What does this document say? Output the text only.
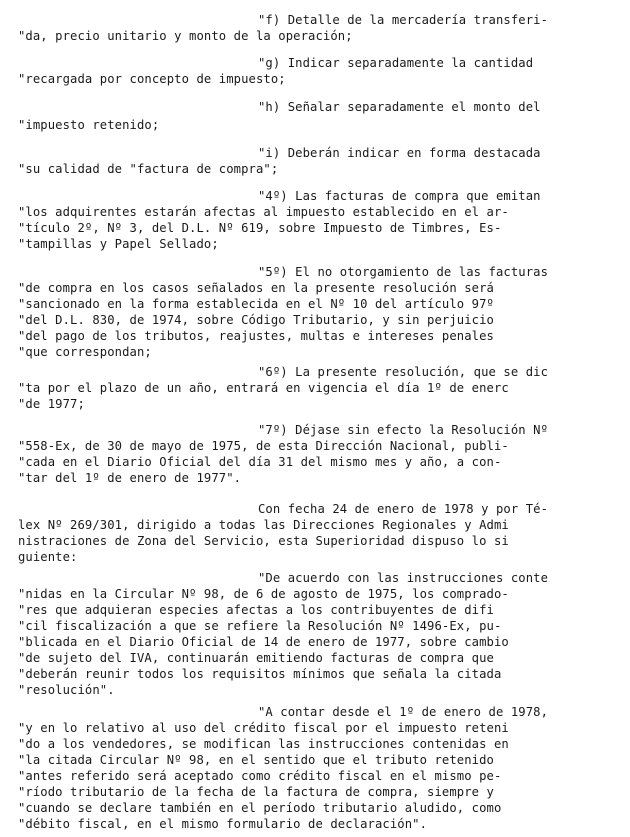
"f) Detalle de la mercadería transferi-
"da, precio unitario y monto de la operación;
"g) Indicar separadamente la cantidad
"recargada por concepto de impuesto;
"h) Señalar separadamente el monto del
"impuesto retenido;
"i) Deberán indicar en forma destacada
"su calidad de "factura de compra";
"4º) Las facturas de compra que emitan
"los adquirentes estarán afectas al impuesto establecido en el ar-
"tículo 2º, Nº 3, del D.L. Nº 619, sobre Impuesto de Timbres, Es-
"tampillas y Papel Sellado;
"5º) El no otorgamiento de las facturas
"de compra en los casos señalados en la presente resolución será
"sancionado en la forma establecida en el Nº 10 del artículo 97º
"del D.L. 830, de 1974, sobre Código Tributario, y sin perjuicio
"del pago de los tributos, reajustes, multas e intereses penales
"que correspondan;
"6º) La presente resolución, que se dic
"ta por el plazo de un año, entrará en vigencia el día 1º de enerc
"de 1977;
"7º) Déjase sin efecto la Resolución Nº
"558-Ex, de 30 de mayo de 1975, de esta Dirección Nacional, publi-
"cada en el Diario Oficial del día 31 del mismo mes y año, a con-
"tar del 1º de enero de 1977".
Con fecha 24 de enero de 1978 y por Té-
lex Nº 269/301, dirigido a todas las Direcciones Regionales y Admi
nistraciones de Zona del Servicio, esta Superioridad dispuso lo si
guiente:
"De acuerdo con las instrucciones conte
"nidas en la Circular Nº 98, de 6 de agosto de 1975, los comprado-
"res que adquieran especies afectas a los contribuyentes de difi
"cil fiscalización a que se refiere la Resolución Nº 1496-Ex, pu-
"blicada en el Diario Oficial de 14 de enero de 1977, sobre cambio
"de sujeto del IVA, continuarán emitiendo facturas de compra que
"deberán reunir todos los requisitos mínimos que señala la citada
"resolución".
"A contar desde el 1º de enero de 1978,
"y en lo relativo al uso del crédito fiscal por el impuesto reteni
"do a los vendedores, se modifican las instrucciones contenidas en
"la citada Circular Nº 98, en el sentido que el tributo retenido
"antes referido será aceptado como crédito fiscal en el mismo pe-
"ríodo tributario de la fecha de la factura de compra, siempre y
"cuando se declare también en el período tributario aludido, como
"débito fiscal, en el mismo formulario de declaración".
